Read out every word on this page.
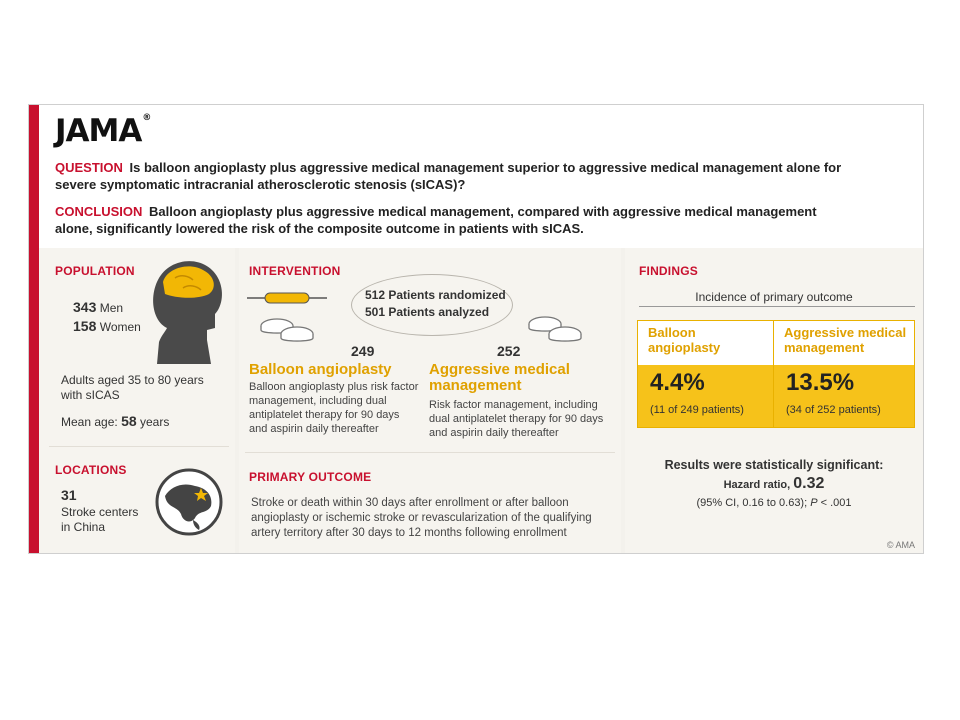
JAMA®
QUESTION Is balloon angioplasty plus aggressive medical management superior to aggressive medical management alone for severe symptomatic intracranial atherosclerotic stenosis (sICAS)?
CONCLUSION Balloon angioplasty plus aggressive medical management, compared with aggressive medical management alone, significantly lowered the risk of the composite outcome in patients with sICAS.
POPULATION
343 Men
158 Women
Adults aged 35 to 80 years
with sICAS
Mean age: 58 years
LOCATIONS
31
Stroke centers
in China
INTERVENTION
512 Patients randomized
501 Patients analyzed
249	252
Balloon angioplasty
Balloon angioplasty plus risk factor
management, including dual
antiplatelet therapy for 90 days
and aspirin daily thereafter
Aggressive medical
management
Risk factor management, including
dual antiplatelet therapy for 90 days
and aspirin daily thereafter
PRIMARY OUTCOME
Stroke or death within 30 days after enrollment or after balloon
angioplasty or ischemic stroke or revascularization of the qualifying
artery territory after 30 days to 12 months following enrollment
FINDINGS
Incidence of primary outcome
Balloon
angioplasty
4.4%
(11 of 249 patients)
Aggressive medical
management
13.5%
(34 of 252 patients)
Results were statistically significant:
Hazard ratio, 0.32
(95% CI, 0.16 to 0.63); P < .001
© AMA
